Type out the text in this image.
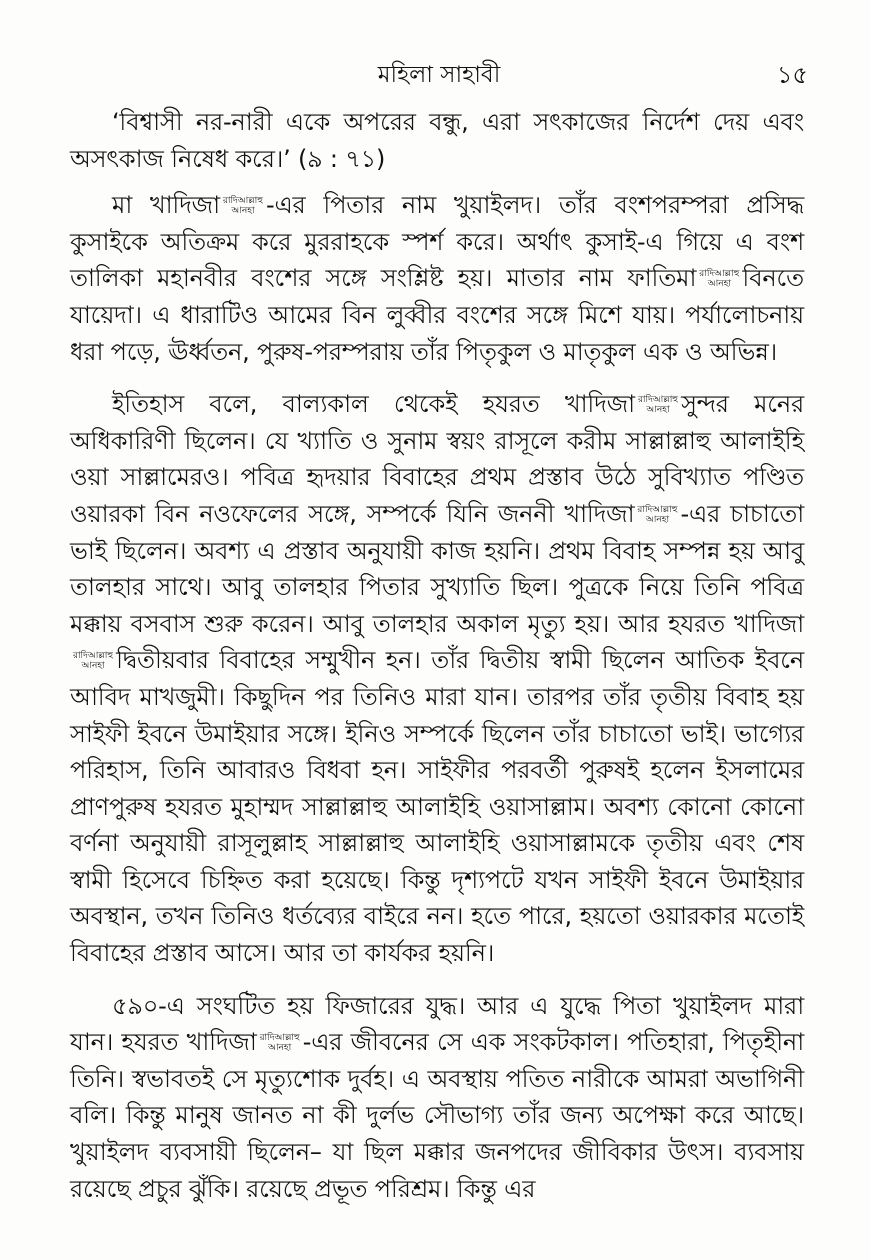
মহিলা সাহাবী	১৫

‘বিশ্বাসী নর-নারী একে অপরের বন্ধু, এরা সৎকাজের নির্দেশ দেয় এবং অসৎকাজ নিষেধ করে।’ (৯ : ৭১)

মা খাদিজা রাদিআল্লাহু
আনহা -এর পিতার নাম খুয়াইলদ। তাঁর বংশপরম্পরা প্রসিদ্ধ কুসাইকে অতিক্রম করে মুররাহকে স্পর্শ করে। অর্থাৎ কুসাই-এ গিয়ে এ বংশ তালিকা মহানবীর বংশের সঙ্গে সংশ্লিষ্ট হয়। মাতার নাম ফাতিমা রাদিআল্লাহু
আনহা বিনতে যায়েদা। এ ধারাটিও আমের বিন লুব্বীর বংশের সঙ্গে মিশে যায়। পর্যালোচনায় ধরা পড়ে, ঊর্ধ্বতন, পুরুষ-পরম্পরায় তাঁর পিতৃকুল ও মাতৃকুল এক ও অভিন্ন।

ইতিহাস বলে, বাল্যকাল থেকেই হযরত খাদিজা রাদিআল্লাহু
আনহা সুন্দর মনের অধিকারিণী ছিলেন। যে খ্যাতি ও সুনাম স্বয়ং রাসূলে করীম সাল্লাল্লাহু আলাইহি ওয়া সাল্লামেরও। পবিত্র হৃদয়ার বিবাহের প্রথম প্রস্তাব উঠে সুবিখ্যাত পণ্ডিত ওয়ারকা বিন নওফেলের সঙ্গে, সম্পর্কে যিনি জননী খাদিজা রাদিআল্লাহু
আনহা -এর চাচাতো ভাই ছিলেন। অবশ্য এ প্রস্তাব অনুযায়ী কাজ হয়নি। প্রথম বিবাহ সম্পন্ন হয় আবু তালহার সাথে। আবু তালহার পিতার সুখ্যাতি ছিল। পুত্রকে নিয়ে তিনি পবিত্র মক্কায় বসবাস শুরু করেন। আবু তালহার অকাল মৃত্যু হয়। আর হযরত খাদিজা
রাদিআল্লাহু
আনহা দ্বিতীয়বার বিবাহের সম্মুখীন হন। তাঁর দ্বিতীয় স্বামী ছিলেন আতিক ইবনে আবিদ মাখজুমী। কিছুদিন পর তিনিও মারা যান। তারপর তাঁর তৃতীয় বিবাহ হয় সাইফী ইবনে উমাইয়ার সঙ্গে। ইনিও সম্পর্কে ছিলেন তাঁর চাচাতো ভাই। ভাগ্যের পরিহাস, তিনি আবারও বিধবা হন। সাইফীর পরবর্তী পুরুষই হলেন ইসলামের প্রাণপুরুষ হযরত মুহাম্মদ সাল্লাল্লাহু আলাইহি ওয়াসাল্লাম। অবশ্য কোনো কোনো বর্ণনা অনুযায়ী রাসূলুল্লাহ সাল্লাল্লাহু আলাইহি ওয়াসাল্লামকে তৃতীয় এবং শেষ স্বামী হিসেবে চিহ্নিত করা হয়েছে। কিন্তু দৃশ্যপটে যখন সাইফী ইবনে উমাইয়ার অবস্থান, তখন তিনিও ধর্তব্যের বাইরে নন। হতে পারে, হয়তো ওয়ারকার মতোই বিবাহের প্রস্তাব আসে। আর তা কার্যকর হয়নি।

৫৯০-এ সংঘটিত হয় ফিজারের যুদ্ধ। আর এ যুদ্ধে পিতা খুয়াইলদ মারা যান। হযরত খাদিজা রাদিআল্লাহু
আনহা -এর জীবনের সে এক সংকটকাল। পতিহারা, পিতৃহীনা তিনি। স্বভাবতই সে মৃত্যুশোক দুর্বহ। এ অবস্থায় পতিত নারীকে আমরা অভাগিনী বলি। কিন্তু মানুষ জানত না কী দুর্লভ সৌভাগ্য তাঁর জন্য অপেক্ষা করে আছে। খুয়াইলদ ব্যবসায়ী ছিলেন– যা ছিল মক্কার জনপদের জীবিকার উৎস। ব্যবসায় রয়েছে প্রচুর ঝুঁকি। রয়েছে প্রভূত পরিশ্রম। কিন্তু এর
